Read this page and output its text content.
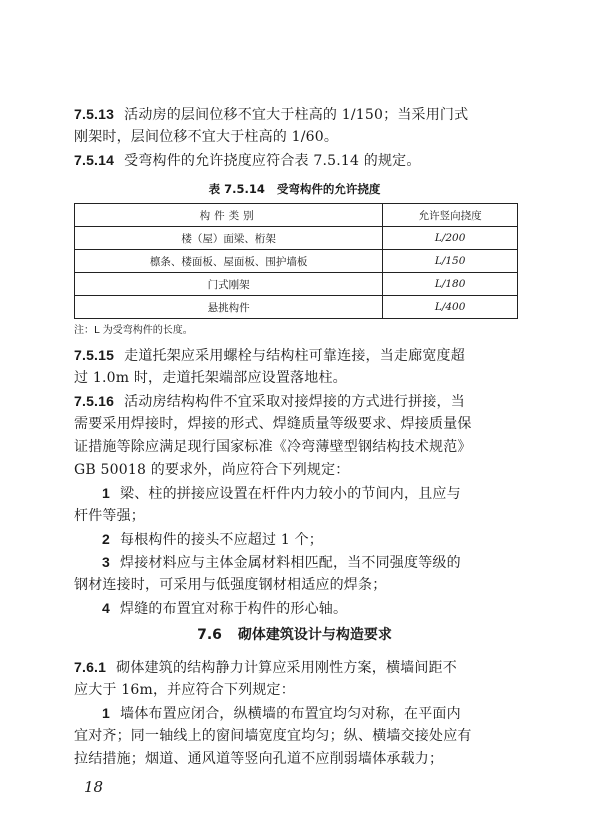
7.5.13 活动房的层间位移不宜大于柱高的 1/150；当采用门式
刚架时，层间位移不宜大于柱高的 1/60。
7.5.14 受弯构件的允许挠度应符合表 7.5.14 的规定。
表 7.5.14 受弯构件的允许挠度
构件类别	允许竖向挠度
楼（屋）面梁、桁架	L/200
檩条、楼面板、屋面板、围护墙板	L/150
门式刚架	L/180
悬挑构件	L/400
注：L 为受弯构件的长度。
7.5.15 走道托架应采用螺栓与结构柱可靠连接，当走廊宽度超
过 1.0m 时，走道托架端部应设置落地柱。
7.5.16 活动房结构构件不宜采取对接焊接的方式进行拼接，当
需要采用焊接时，焊接的形式、焊缝质量等级要求、焊接质量保
证措施等除应满足现行国家标准《冷弯薄壁型钢结构技术规范》
GB 50018 的要求外，尚应符合下列规定：
1 梁、柱的拼接应设置在杆件内力较小的节间内，且应与
杆件等强；
2 每根构件的接头不应超过 1 个；
3 焊接材料应与主体金属材料相匹配，当不同强度等级的
钢材连接时，可采用与低强度钢材相适应的焊条；
4 焊缝的布置宜对称于构件的形心轴。
7.6 砌体建筑设计与构造要求
7.6.1 砌体建筑的结构静力计算应采用刚性方案，横墙间距不
应大于 16m，并应符合下列规定：
1 墙体布置应闭合，纵横墙的布置宜均匀对称，在平面内
宜对齐；同一轴线上的窗间墙宽度宜均匀；纵、横墙交接处应有
拉结措施；烟道、通风道等竖向孔道不应削弱墙体承载力；
18
